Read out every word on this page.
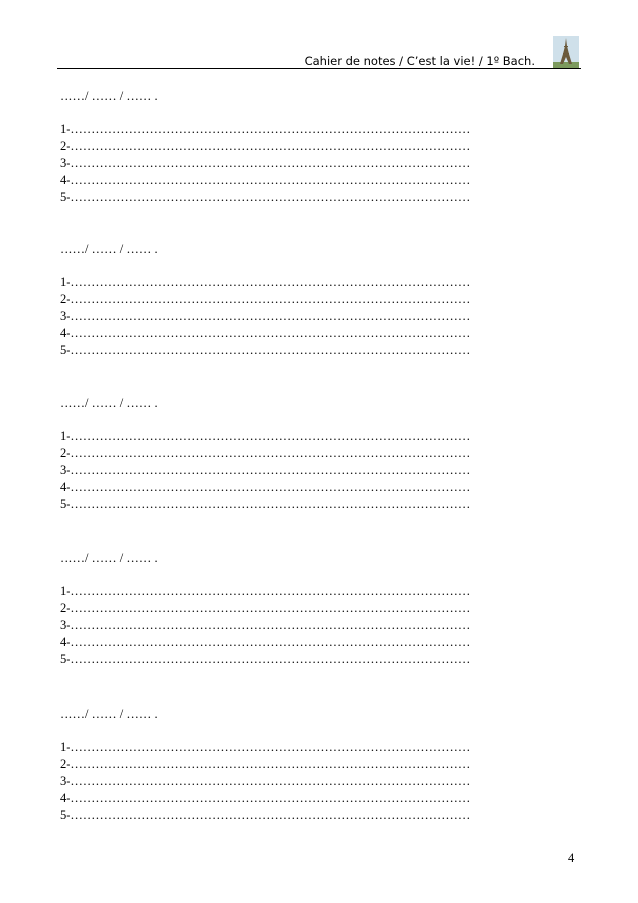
Cahier de notes / C’est la vie! / 1º Bach.
……/ …… / …… .
1-……………………………………………………………………………………
2-……………………………………………………………………………………
3-……………………………………………………………………………………
4-……………………………………………………………………………………
5-……………………………………………………………………………………
……/ …… / …… .
1-……………………………………………………………………………………
2-……………………………………………………………………………………
3-……………………………………………………………………………………
4-……………………………………………………………………………………
5-……………………………………………………………………………………
……/ …… / …… .
1-……………………………………………………………………………………
2-……………………………………………………………………………………
3-……………………………………………………………………………………
4-……………………………………………………………………………………
5-……………………………………………………………………………………
……/ …… / …… .
1-……………………………………………………………………………………
2-……………………………………………………………………………………
3-……………………………………………………………………………………
4-……………………………………………………………………………………
5-……………………………………………………………………………………
……/ …… / …… .
1-……………………………………………………………………………………
2-……………………………………………………………………………………
3-……………………………………………………………………………………
4-……………………………………………………………………………………
5-……………………………………………………………………………………
4
